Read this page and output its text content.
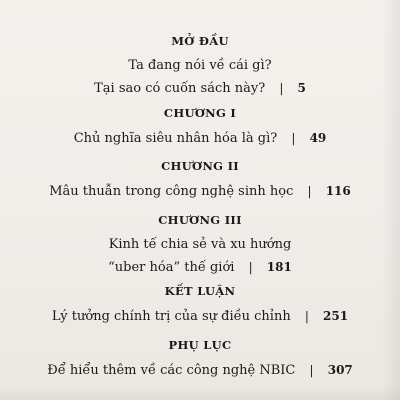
MỞ ĐẦU
Ta đang nói về cái gì?
Tại sao có cuốn sách này? | 5
CHƯƠNG I
Chủ nghĩa siêu nhân hóa là gì? | 49
CHƯƠNG II
Mâu thuẫn trong công nghệ sinh học | 116
CHƯƠNG III
Kinh tế chia sẻ và xu hướng
“uber hóa” thế giới | 181
KẾT LUẬN
Lý tưởng chính trị của sự điều chỉnh | 251
PHỤ LỤC
Để hiểu thêm về các công nghệ NBIC | 307
